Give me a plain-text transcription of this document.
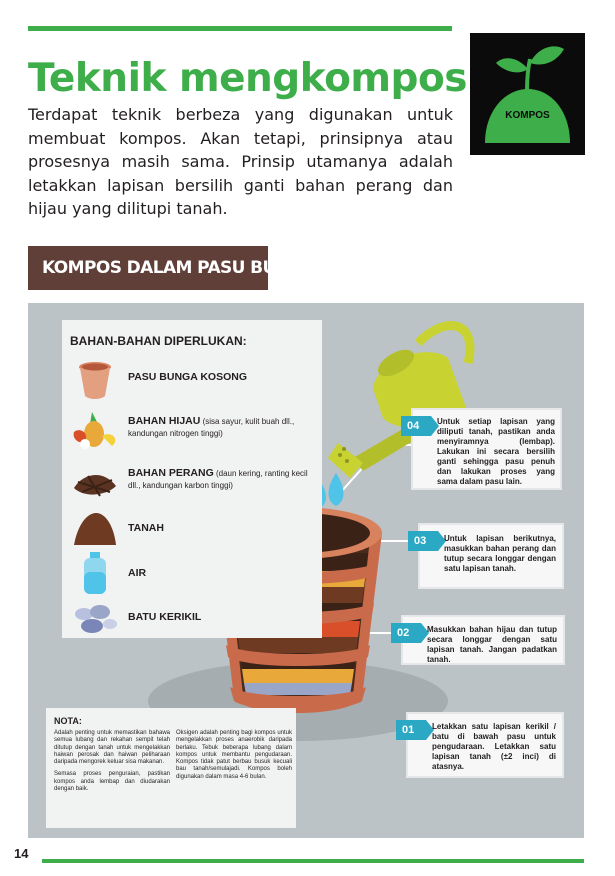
Teknik mengkompos

Terdapat teknik berbeza yang digunakan untuk membuat kompos. Akan tetapi, prinsipnya atau prosesnya masih sama. Prinsip utamanya adalah letakkan lapisan bersilih ganti bahan perang dan hijau yang dilitupi tanah.

KOMPOS
KOMPOS DALAM PASU BUNGA
BAHAN-BAHAN DIPERLUKAN:
PASU BUNGA KOSONG
BAHAN HIJAU (sisa sayur, kulit buah dll., kandungan nitrogen tinggi)
BAHAN PERANG (daun kering, ranting kecil dll., kandungan karbon tinggi)
TANAH
AIR
BATU KERIKIL
04	Untuk setiap lapisan yang diliputi tanah, pastikan anda menyiramnya (lembap). Lakukan ini secara bersilih ganti sehingga pasu penuh dan lakukan proses yang sama dalam pasu lain.
03	Untuk lapisan berikutnya, masukkan bahan perang dan tutup secara longgar dengan satu lapisan tanah.
02	Masukkan bahan hijau dan tutup secara longgar dengan satu lapisan tanah. Jangan padatkan tanah.
01	Letakkan satu lapisan kerikil / batu di bawah pasu untuk pengudaraan. Letakkan satu lapisan tanah (±2 inci) di atasnya.
NOTA:

Adalah penting untuk memastikan bahawa semua lubang dan rekahan sempit telah ditutup dengan tanah untuk mengelakkan haiwan perosak dan haiwan peliharaan daripada mengorek keluar sisa makanan.

Semasa proses penguraian, pastikan kompos anda lembap dan diudarakan dengan baik.

Oksigen adalah penting bagi kompos untuk mengelakkan proses anaerobik daripada berlaku. Tebuk beberapa lubang dalam kompos untuk membantu pengudaraan. Kompos tidak patut berbau busuk kecuali bau tanah/semulajadi. Kompos boleh digunakan dalam masa 4-6 bulan.

14
